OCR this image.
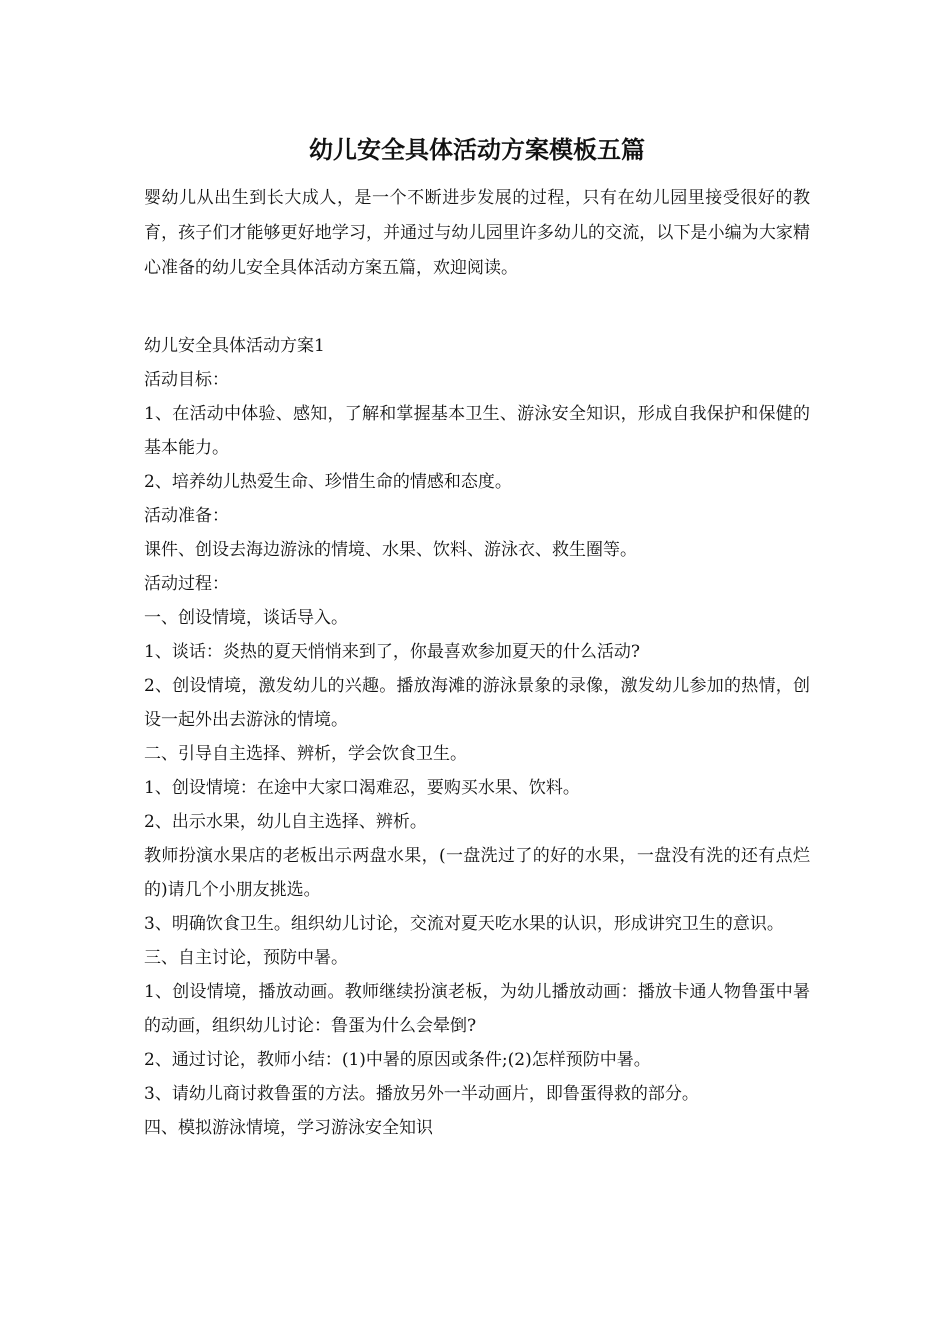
幼儿安全具体活动方案模板五篇

婴幼儿从出生到长大成人，是一个不断进步发展的过程，只有在幼儿园里接受很好的教育，孩子们才能够更好地学习，并通过与幼儿园里许多幼儿的交流，以下是小编为大家精心准备的幼儿安全具体活动方案五篇，欢迎阅读。

幼儿安全具体活动方案1

活动目标：

1、在活动中体验、感知，了解和掌握基本卫生、游泳安全知识，形成自我保护和保健的基本能力。

2、培养幼儿热爱生命、珍惜生命的情感和态度。

活动准备：

课件、创设去海边游泳的情境、水果、饮料、游泳衣、救生圈等。

活动过程：

一、创设情境，谈话导入。

1、谈话：炎热的夏天悄悄来到了，你最喜欢参加夏天的什么活动?

2、创设情境，激发幼儿的兴趣。播放海滩的游泳景象的录像，激发幼儿参加的热情，创设一起外出去游泳的情境。

二、引导自主选择、辨析，学会饮食卫生。

1、创设情境：在途中大家口渴难忍，要购买水果、饮料。

2、出示水果，幼儿自主选择、辨析。

教师扮演水果店的老板出示两盘水果，(一盘洗过了的好的水果，一盘没有洗的还有点烂的)请几个小朋友挑选。

3、明确饮食卫生。组织幼儿讨论，交流对夏天吃水果的认识，形成讲究卫生的意识。

三、自主讨论，预防中暑。

1、创设情境，播放动画。教师继续扮演老板，为幼儿播放动画：播放卡通人物鲁蛋中暑的动画，组织幼儿讨论：鲁蛋为什么会晕倒?

2、通过讨论，教师小结：(1)中暑的原因或条件;(2)怎样预防中暑。

3、请幼儿商讨救鲁蛋的方法。播放另外一半动画片，即鲁蛋得救的部分。

四、模拟游泳情境，学习游泳安全知识
